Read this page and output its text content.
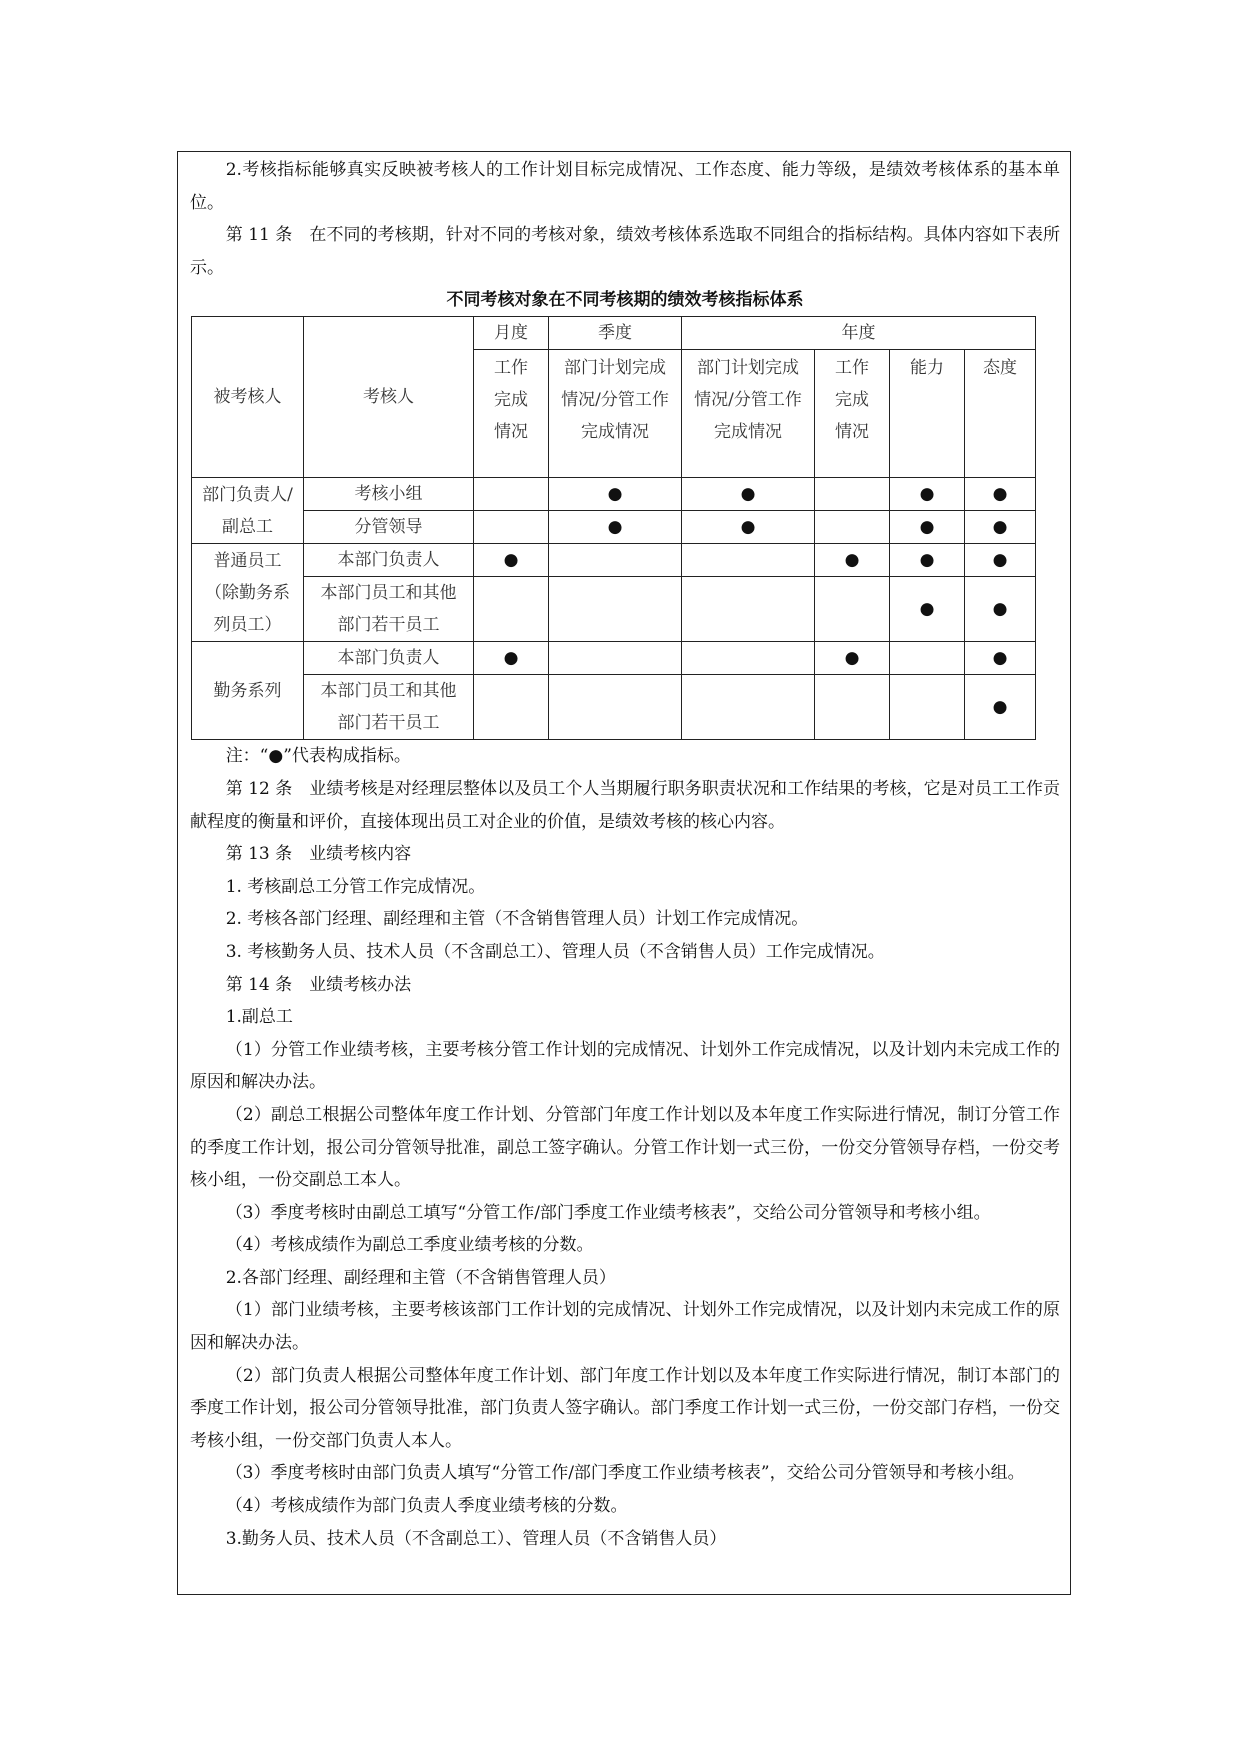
2.考核指标能够真实反映被考核人的工作计划目标完成情况、工作态度、能力等级，是绩效考核体系的基本单位。

第 11 条　在不同的考核期，针对不同的考核对象，绩效考核体系选取不同组合的指标结构。具体内容如下表所示。

不同考核对象在不同考核期的绩效考核指标体系

被考核人	考核人	月度	季度	年度			
		工作完成情况	部门计划完成情况/分管工作完成情况	部门计划完成情况/分管工作完成情况	工作完成情况	能力	态度
部门负责人/副总工	考核小组		●	●		●	●
	分管领导		●	●		●	●
普通员工（除勤务系列员工）	本部门负责人	●			●	●	●
	本部门员工和其他部门若干员工					●	●
勤务系列	本部门负责人	●			●		●
	本部门员工和其他部门若干员工						●

注：“●”代表构成指标。

第 12 条　业绩考核是对经理层整体以及员工个人当期履行职务职责状况和工作结果的考核，它是对员工工作贡献程度的衡量和评价，直接体现出员工对企业的价值，是绩效考核的核心内容。

第 13 条　业绩考核内容

1. 考核副总工分管工作完成情况。

2. 考核各部门经理、副经理和主管（不含销售管理人员）计划工作完成情况。

3. 考核勤务人员、技术人员（不含副总工）、管理人员（不含销售人员）工作完成情况。

第 14 条　业绩考核办法

1.副总工

（1）分管工作业绩考核，主要考核分管工作计划的完成情况、计划外工作完成情况，以及计划内未完成工作的原因和解决办法。

（2）副总工根据公司整体年度工作计划、分管部门年度工作计划以及本年度工作实际进行情况，制订分管工作的季度工作计划，报公司分管领导批准，副总工签字确认。分管工作计划一式三份，一份交分管领导存档，一份交考核小组，一份交副总工本人。

（3）季度考核时由副总工填写“分管工作/部门季度工作业绩考核表”，交给公司分管领导和考核小组。

（4）考核成绩作为副总工季度业绩考核的分数。

2.各部门经理、副经理和主管（不含销售管理人员）

（1）部门业绩考核，主要考核该部门工作计划的完成情况、计划外工作完成情况，以及计划内未完成工作的原因和解决办法。

（2）部门负责人根据公司整体年度工作计划、部门年度工作计划以及本年度工作实际进行情况，制订本部门的季度工作计划，报公司分管领导批准，部门负责人签字确认。部门季度工作计划一式三份，一份交部门存档，一份交考核小组，一份交部门负责人本人。

（3）季度考核时由部门负责人填写“分管工作/部门季度工作业绩考核表”，交给公司分管领导和考核小组。

（4）考核成绩作为部门负责人季度业绩考核的分数。

3.勤务人员、技术人员（不含副总工）、管理人员（不含销售人员）
